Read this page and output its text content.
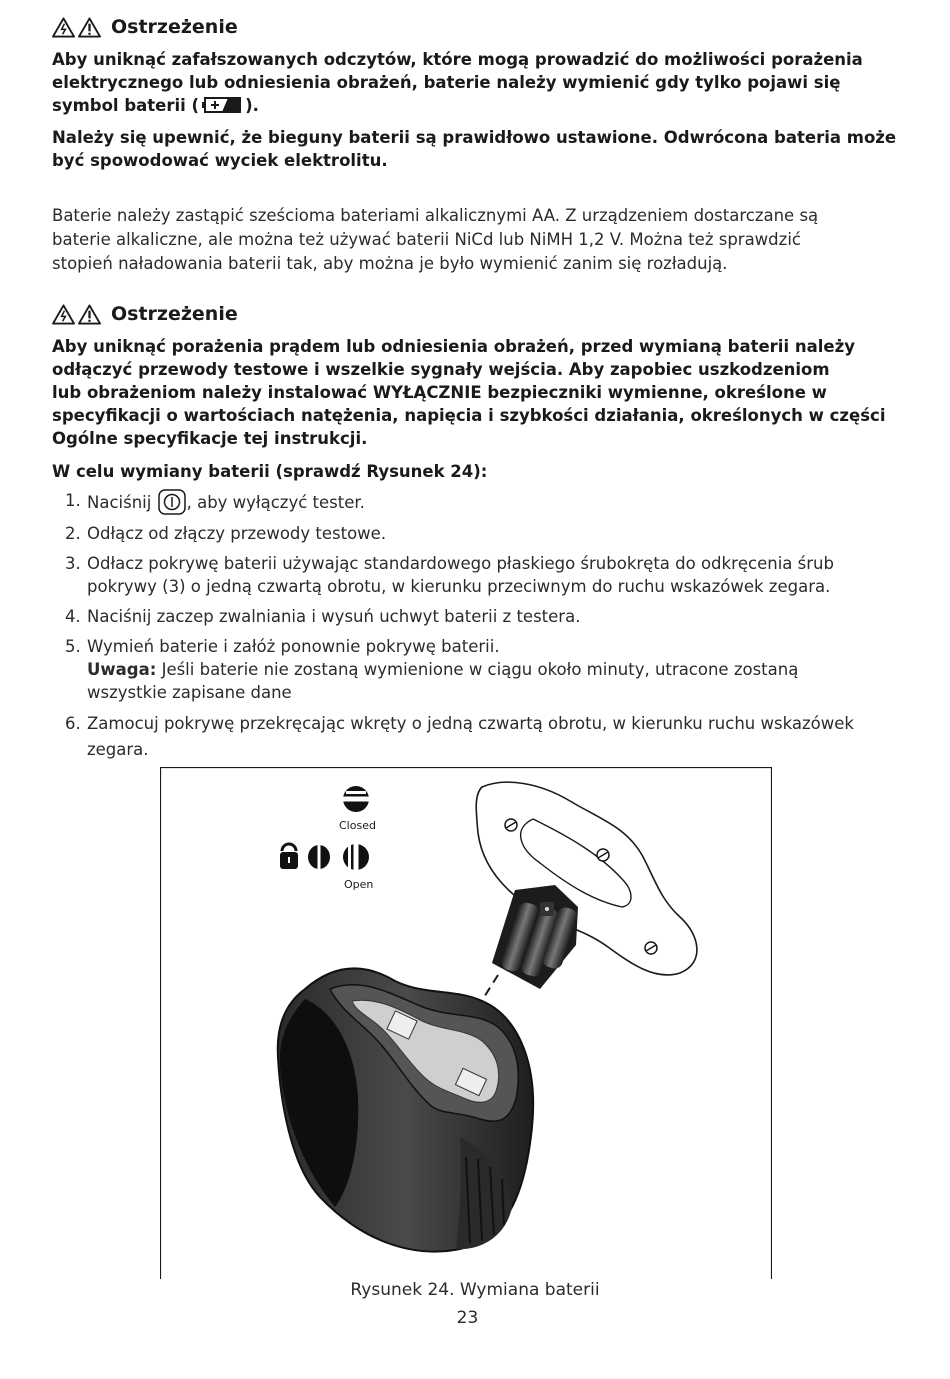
Ostrzeżenie
Aby uniknąć zafałszowanych odczytów, które mogą prowadzić do możliwości porażenia
elektrycznego lub odniesienia obrażeń, baterie należy wymienić gdy tylko pojawi się
symbol baterii (	).
Należy się upewnić, że bieguny baterii są prawidłowo ustawione. Odwrócona bateria może
być spowodować wyciek elektrolitu.
Baterie należy zastąpić sześcioma bateriami alkalicznymi AA. Z urządzeniem dostarczane są
baterie alkaliczne, ale można też używać baterii NiCd lub NiMH 1,2 V. Można też sprawdzić
stopień naładowania baterii tak, aby można je było wymienić zanim się rozładują.
Ostrzeżenie
Aby uniknąć porażenia prądem lub odniesienia obrażeń, przed wymianą baterii należy
odłączyć przewody testowe i wszelkie sygnały wejścia. Aby zapobiec uszkodzeniom
lub obrażeniom należy instalować WYŁĄCZNIE bezpieczniki wymienne, określone w
specyfikacji o wartościach natężenia, napięcia i szybkości działania, określonych w części
Ogólne specyfikacje tej instrukcji.
W celu wymiany baterii (sprawdź Rysunek 24):
1. Naciśnij , aby wyłączyć tester.
2. Odłącz od złączy przewody testowe.
3. Odłacz pokrywę baterii używając standardowego płaskiego śrubokręta do odkręcenia śrub
pokrywy (3) o jedną czwartą obrotu, w kierunku przeciwnym do ruchu wskazówek zegara.
4. Naciśnij zaczep zwalniania i wysuń uchwyt baterii z testera.
5. Wymień baterie i załóż ponownie pokrywę baterii.
Uwaga: Jeśli baterie nie zostaną wymienione w ciągu około minuty, utracone zostaną
wszystkie zapisane dane
6. Zamocuj pokrywę przekręcając wkręty o jedną czwartą obrotu, w kierunku ruchu wskazówek
zegara.
Closed
Open
Rysunek 24. Wymiana baterii
23
